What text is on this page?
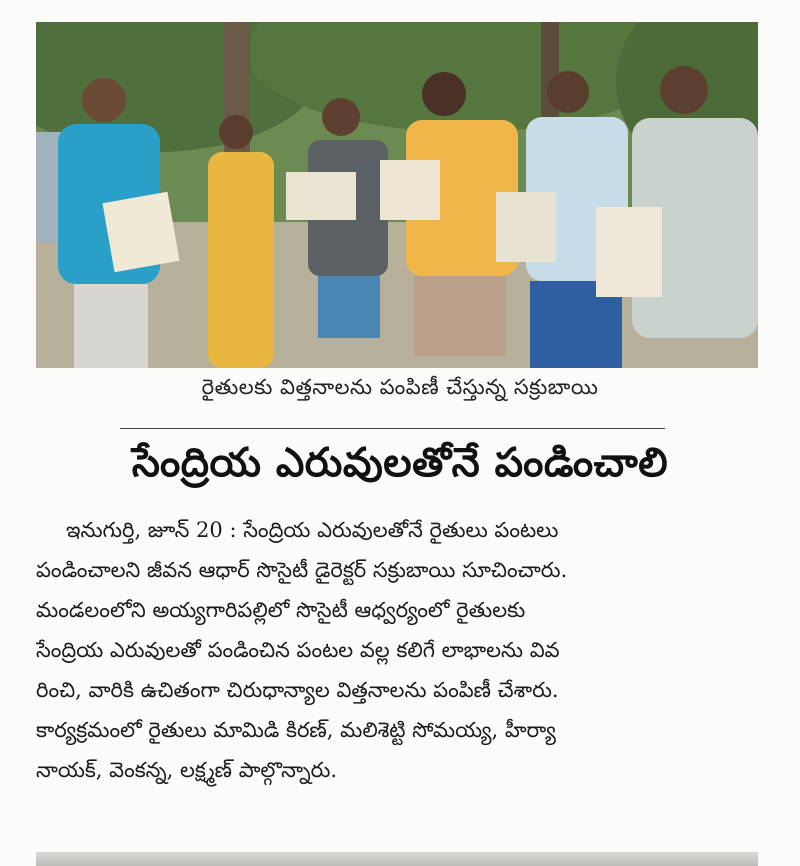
రైతులకు విత్తనాలను పంపిణీ చేస్తున్న సక్రుబాయి
సేంద్రియ ఎరువులతోనే పండించాలి
ఇనుగుర్తి, జూన్ 20 : సేంద్రియ ఎరువులతోనే రైతులు పంటలు
పండించాలని జీవన ఆధార్ సొసైటీ డైరెక్టర్ సక్రుబాయి సూచించారు.
మండలంలోని అయ్యగారిపల్లిలో సొసైటీ ఆధ్వర్యంలో రైతులకు
సేంద్రియ ఎరువులతో పండించిన పంటల వల్ల కలిగే లాభాలను వివ
రించి, వారికి ఉచితంగా చిరుధాన్యాల విత్తనాలను పంపిణీ చేశారు.
కార్యక్రమంలో రైతులు మామిడి కిరణ్, మలిశెట్టి సోమయ్య, హీర్యా
నాయక్, వెంకన్న, లక్ష్మణ్ పాల్గొన్నారు.
